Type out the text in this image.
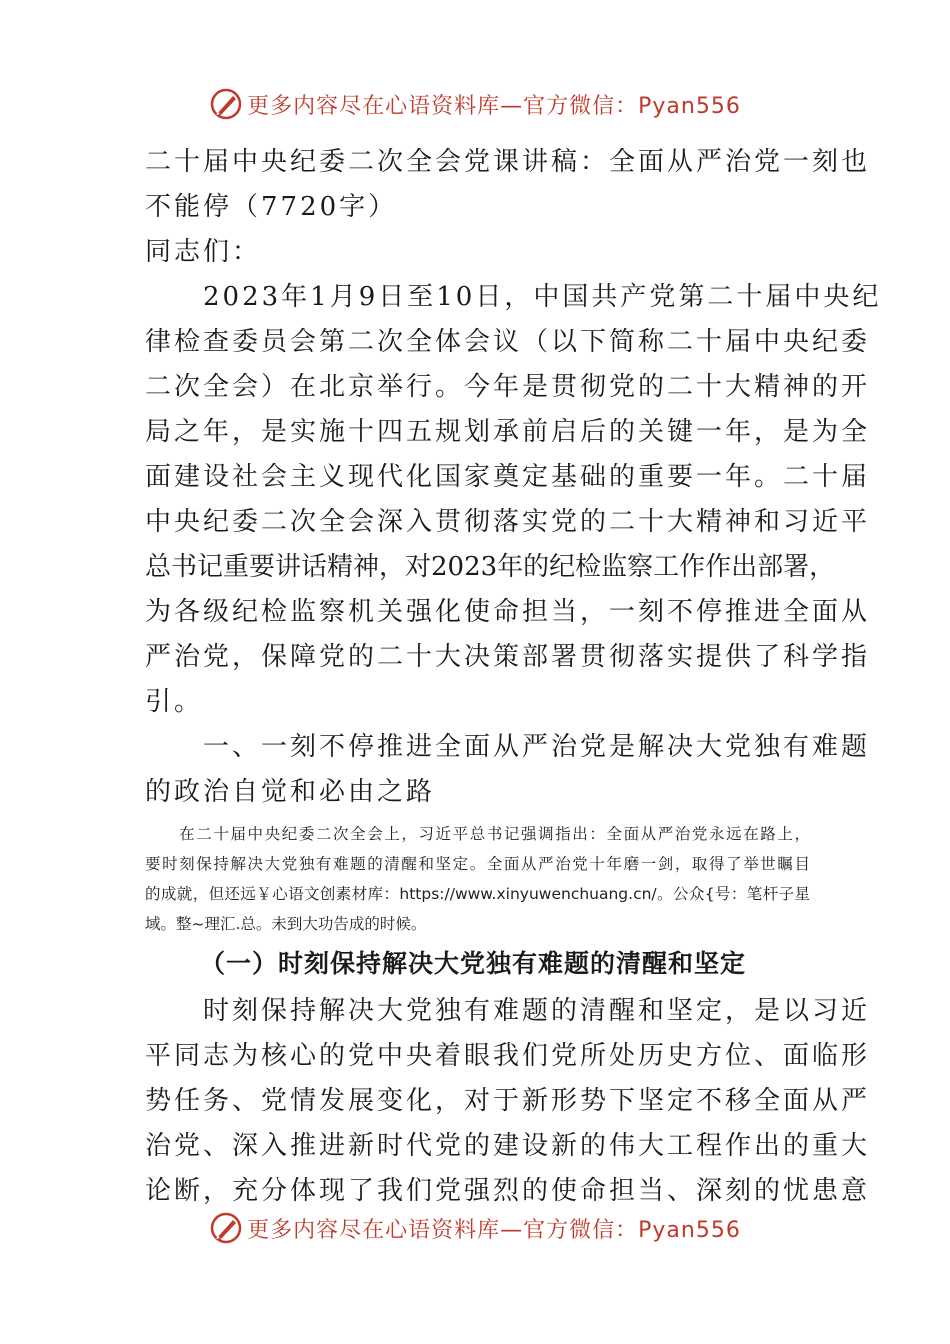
更多内容尽在心语资料库—官方微信：Pyan556
二十届中央纪委二次全会党课讲稿：全面从严治党一刻也
不能停（7720字）
同志们：
　　2023年1月9日至10日，中国共产党第二十届中央纪
律检查委员会第二次全体会议（以下简称二十届中央纪委
二次全会）在北京举行。今年是贯彻党的二十大精神的开
局之年，是实施十四五规划承前启后的关键一年，是为全
面建设社会主义现代化国家奠定基础的重要一年。二十届
中央纪委二次全会深入贯彻落实党的二十大精神和习近平
总书记重要讲话精神，对2023年的纪检监察工作作出部署，
为各级纪检监察机关强化使命担当，一刻不停推进全面从
严治党，保障党的二十大决策部署贯彻落实提供了科学指
引。
　　一、一刻不停推进全面从严治党是解决大党独有难题
的政治自觉和必由之路
　　在二十届中央纪委二次全会上，习近平总书记强调指出：全面从严治党永远在路上，
要时刻保持解决大党独有难题的清醒和坚定。全面从严治党十年磨一剑，取得了举世瞩目
的成就，但还远￥心语文创素材库：https://www.xinyuwenchuang.cn/。公众{号：笔杆子星
域。整~理汇.总。未到大功告成的时候。
（一）时刻保持解决大党独有难题的清醒和坚定
　　时刻保持解决大党独有难题的清醒和坚定，是以习近
平同志为核心的党中央着眼我们党所处历史方位、面临形
势任务、党情发展变化，对于新形势下坚定不移全面从严
治党、深入推进新时代党的建设新的伟大工程作出的重大
论断，充分体现了我们党强烈的使命担当、深刻的忧患意
更多内容尽在心语资料库—官方微信：Pyan556
